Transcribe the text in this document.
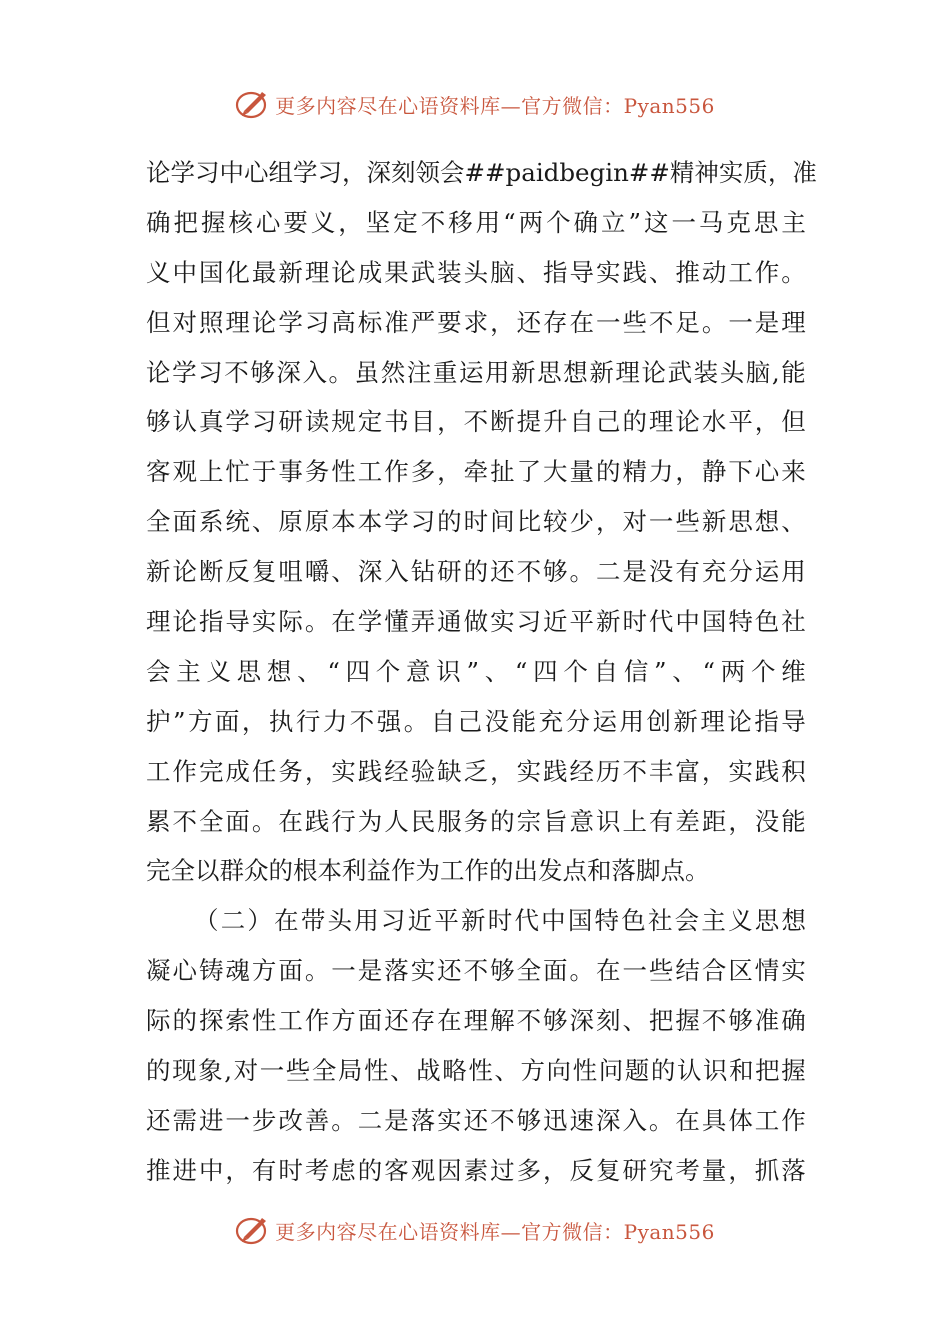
更多内容尽在心语资料库—官方微信：Pyan556
论 学 习 中 心 组 学 习 ， 深 刻 领 会 ##paidbegin## 精 神 实 质 ， 准
确 把 握 核 心 要 义 ， 坚 定 不 移 用 “ 两 个 确 立 ” 这 一 马 克 思 主
义 中 国 化 最 新 理 论 成 果 武 装 头 脑 、 指 导 实 践 、 推 动 工 作 。
但 对 照 理 论 学 习 高 标 准 严 要 求 ， 还 存 在 一 些 不 足 。 一 是 理
论 学 习 不 够 深 入 。 虽 然 注 重 运 用 新 思 想 新 理 论 武 装 头 脑 , 能
够 认 真 学 习 研 读 规 定 书 目 ， 不 断 提 升 自 己 的 理 论 水 平 ， 但
客 观 上 忙 于 事 务 性 工 作 多 ， 牵 扯 了 大 量 的 精 力 ， 静 下 心 来
全 面 系 统 、 原 原 本 本 学 习 的 时 间 比 较 少 ， 对 一 些 新 思 想 、
新 论 断 反 复 咀 嚼 、 深 入 钻 研 的 还 不 够 。 二 是 没 有 充 分 运 用
理 论 指 导 实 际 。 在 学 懂 弄 通 做 实 习 近 平 新 时 代 中 国 特 色 社
会 主 义 思 想 、 “ 四 个 意 识 ” 、 “ 四 个 自 信 ” 、 “ 两 个 维
护 ” 方 面 ， 执 行 力 不 强 。 自 己 没 能 充 分 运 用 创 新 理 论 指 导
工 作 完 成 任 务 ， 实 践 经 验 缺 乏 ， 实 践 经 历 不 丰 富 ， 实 践 积
累 不 全 面 。 在 践 行 为 人 民 服 务 的 宗 旨 意 识 上 有 差 距 ， 没 能
完 全 以 群 众 的 根 本 利 益 作 为 工 作 的 出 发 点 和 落 脚 点 。
（ 二 ） 在 带 头 用 习 近 平 新 时 代 中 国 特 色 社 会 主 义 思 想
凝 心 铸 魂 方 面 。 一 是 落 实 还 不 够 全 面 。 在 一 些 结 合 区 情 实
际 的 探 索 性 工 作 方 面 还 存 在 理 解 不 够 深 刻 、 把 握 不 够 准 确
的 现 象 , 对 一 些 全 局 性 、 战 略 性 、 方 向 性 问 题 的 认 识 和 把 握
还 需 进 一 步 改 善 。 二 是 落 实 还 不 够 迅 速 深 入 。 在 具 体 工 作
推 进 中 ， 有 时 考 虑 的 客 观 因 素 过 多 ， 反 复 研 究 考 量 ， 抓 落
更多内容尽在心语资料库—官方微信：Pyan556
